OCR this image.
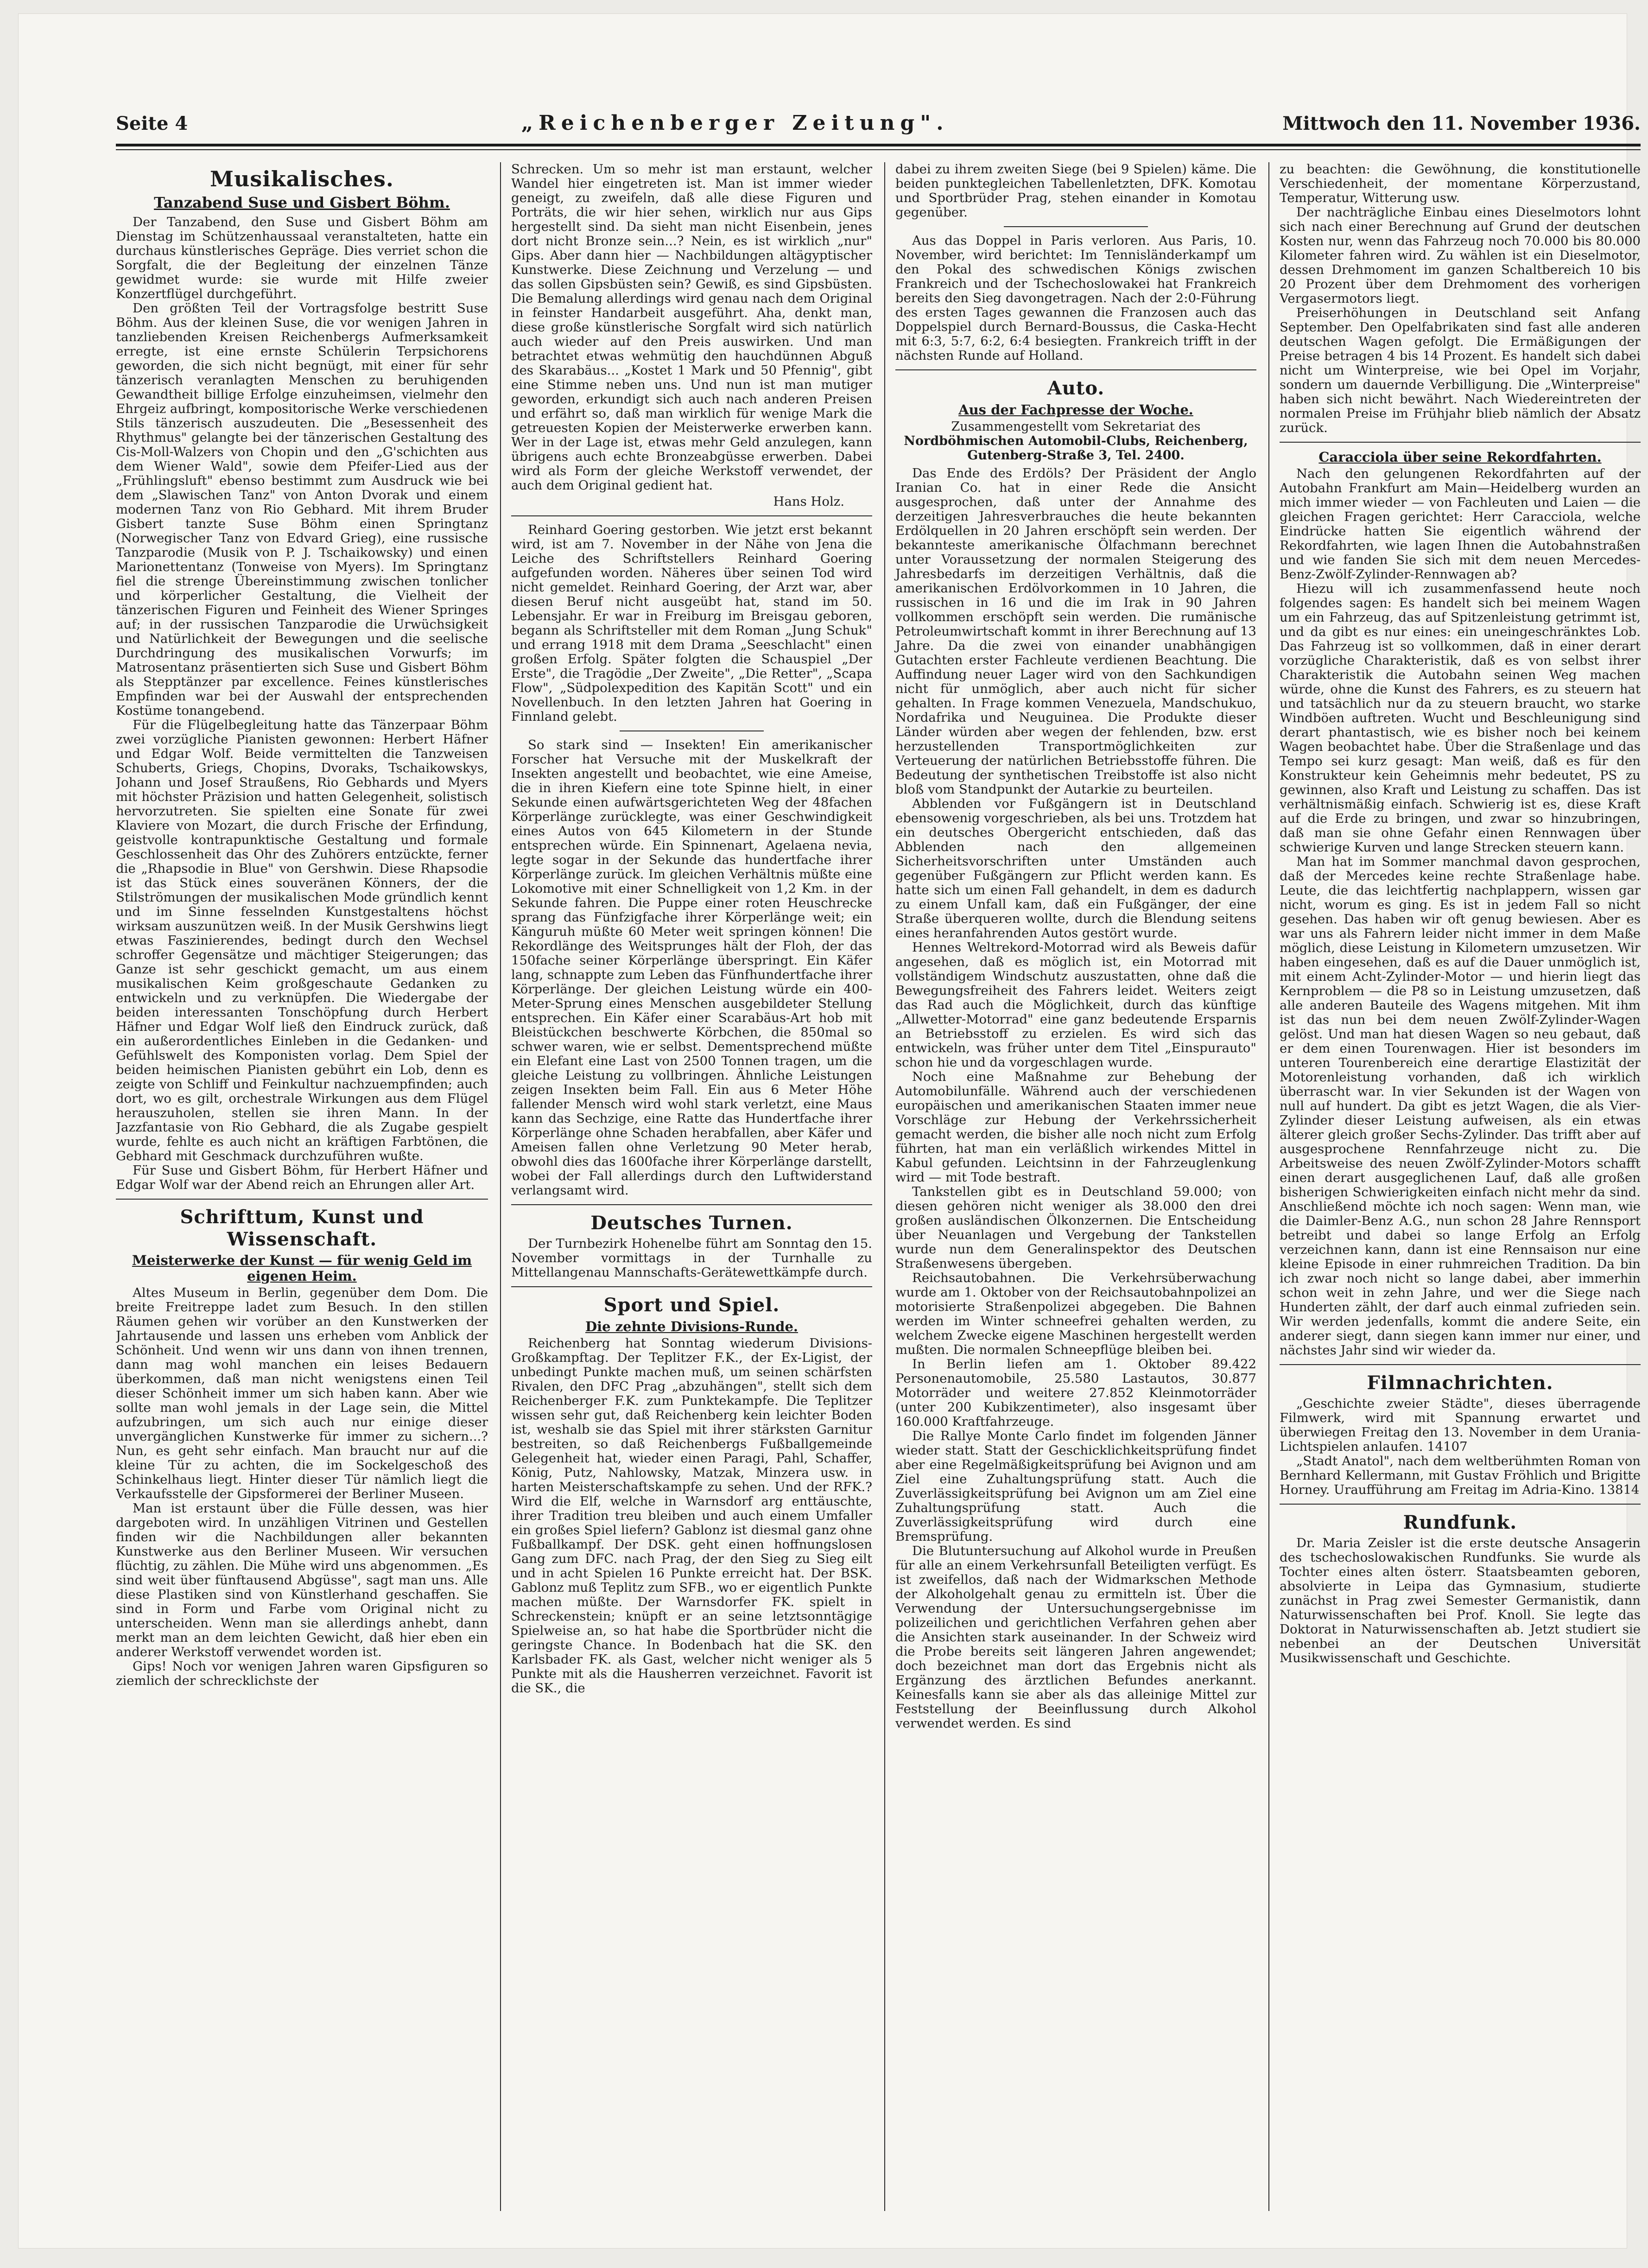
Seite 4	„Reichenberger Zeitung".	Mittwoch den 11. November 1936.
Musikalisches.
Tanzabend Suse und Gisbert Böhm.

Der Tanzabend, den Suse und Gisbert Böhm am Dienstag im Schützenhaussaal veranstalteten, hatte ein durchaus künstlerisches Gepräge. Dies verriet schon die Sorgfalt, die der Begleitung der einzelnen Tänze gewidmet wurde: sie wurde mit Hilfe zweier Konzertflügel durchgeführt.

Den größten Teil der Vortragsfolge bestritt Suse Böhm. Aus der kleinen Suse, die vor wenigen Jahren in tanzliebenden Kreisen Reichenbergs Aufmerksamkeit erregte, ist eine ernste Schülerin Terpsichorens geworden, die sich nicht begnügt, mit einer für sehr tänzerisch veranlagten Menschen zu beruhigenden Gewandtheit billige Erfolge einzuheimsen, vielmehr den Ehrgeiz aufbringt, kompositorische Werke verschiedenen Stils tänzerisch auszudeuten. Die „Besessenheit des Rhythmus" gelangte bei der tänzerischen Gestaltung des Cis-Moll-Walzers von Chopin und den „G'schichten aus dem Wiener Wald", sowie dem Pfeifer-Lied aus der „Frühlingsluft" ebenso bestimmt zum Ausdruck wie bei dem „Slawischen Tanz" von Anton Dvorak und einem modernen Tanz von Rio Gebhard. Mit ihrem Bruder Gisbert tanzte Suse Böhm einen Springtanz (Norwegischer Tanz von Edvard Grieg), eine russische Tanzparodie (Musik von P. J. Tschaikowsky) und einen Marionettentanz (Tonweise von Myers). Im Springtanz fiel die strenge Übereinstimmung zwischen tonlicher und körperlicher Gestaltung, die Vielheit der tänzerischen Figuren und Feinheit des Wiener Springes auf; in der russischen Tanzparodie die Urwüchsigkeit und Natürlichkeit der Bewegungen und die seelische Durchdringung des musikalischen Vorwurfs; im Matrosentanz präsentierten sich Suse und Gisbert Böhm als Stepptänzer par excellence. Feines künstlerisches Empfinden war bei der Auswahl der entsprechenden Kostüme tonangebend.

Für die Flügelbegleitung hatte das Tänzerpaar Böhm zwei vorzügliche Pianisten gewonnen: Herbert Häfner und Edgar Wolf. Beide vermittelten die Tanzweisen Schuberts, Griegs, Chopins, Dvoraks, Tschaikowskys, Johann und Josef Straußens, Rio Gebhards und Myers mit höchster Präzision und hatten Gelegenheit, solistisch hervorzutreten. Sie spielten eine Sonate für zwei Klaviere von Mozart, die durch Frische der Erfindung, geistvolle kontrapunktische Gestaltung und formale Geschlossenheit das Ohr des Zuhörers entzückte, ferner die „Rhapsodie in Blue" von Gershwin. Diese Rhapsodie ist das Stück eines souveränen Könners, der die Stilströmungen der musikalischen Mode gründlich kennt und im Sinne fesselnden Kunstgestaltens höchst wirksam auszunützen weiß. In der Musik Gershwins liegt etwas Faszinierendes, bedingt durch den Wechsel schroffer Gegensätze und mächtiger Steigerungen; das Ganze ist sehr geschickt gemacht, um aus einem musikalischen Keim großgeschaute Gedanken zu entwickeln und zu verknüpfen. Die Wiedergabe der beiden interessanten Tonschöpfung durch Herbert Häfner und Edgar Wolf ließ den Eindruck zurück, daß ein außerordentliches Einleben in die Gedanken- und Gefühlswelt des Komponisten vorlag. Dem Spiel der beiden heimischen Pianisten gebührt ein Lob, denn es zeigte von Schliff und Feinkultur nachzuempfinden; auch dort, wo es gilt, orchestrale Wirkungen aus dem Flügel herauszuholen, stellen sie ihren Mann. In der Jazzfantasie von Rio Gebhard, die als Zugabe gespielt wurde, fehlte es auch nicht an kräftigen Farbtönen, die Gebhard mit Geschmack durchzuführen wußte.

Für Suse und Gisbert Böhm, für Herbert Häfner und Edgar Wolf war der Abend reich an Ehrungen aller Art.

Schrifttum, Kunst und Wissenschaft.
Meisterwerke der Kunst — für wenig Geld im eigenen Heim.

Altes Museum in Berlin, gegenüber dem Dom. Die breite Freitreppe ladet zum Besuch. In den stillen Räumen gehen wir vorüber an den Kunstwerken der Jahrtausende und lassen uns erheben vom Anblick der Schönheit. Und wenn wir uns dann von ihnen trennen, dann mag wohl manchen ein leises Bedauern überkommen, daß man nicht wenigstens einen Teil dieser Schönheit immer um sich haben kann. Aber wie sollte man wohl jemals in der Lage sein, die Mittel aufzubringen, um sich auch nur einige dieser unvergänglichen Kunstwerke für immer zu sichern...? Nun, es geht sehr einfach. Man braucht nur auf die kleine Tür zu achten, die im Sockelgeschoß des Schinkelhaus liegt. Hinter dieser Tür nämlich liegt die Verkaufsstelle der Gipsformerei der Berliner Museen.

Man ist erstaunt über die Fülle dessen, was hier dargeboten wird. In unzähligen Vitrinen und Gestellen finden wir die Nachbildungen aller bekannten Kunstwerke aus den Berliner Museen. Wir versuchen flüchtig, zu zählen. Die Mühe wird uns abgenommen. „Es sind weit über fünftausend Abgüsse", sagt man uns. Alle diese Plastiken sind von Künstlerhand geschaffen. Sie sind in Form und Farbe vom Original nicht zu unterscheiden. Wenn man sie allerdings anhebt, dann merkt man an dem leichten Gewicht, daß hier eben ein anderer Werkstoff verwendet worden ist.

Gips! Noch vor wenigen Jahren waren Gipsfiguren so ziemlich der schrecklichste der

Schrecken. Um so mehr ist man erstaunt, welcher Wandel hier eingetreten ist. Man ist immer wieder geneigt, zu zweifeln, daß alle diese Figuren und Porträts, die wir hier sehen, wirklich nur aus Gips hergestellt sind. Da sieht man nicht Eisenbein, jenes dort nicht Bronze sein...? Nein, es ist wirklich „nur" Gips. Aber dann hier — Nachbildungen altägyptischer Kunstwerke. Diese Zeichnung und Verzelung — und das sollen Gipsbüsten sein? Gewiß, es sind Gipsbüsten. Die Bemalung allerdings wird genau nach dem Original in feinster Handarbeit ausgeführt. Aha, denkt man, diese große künstlerische Sorgfalt wird sich natürlich auch wieder auf den Preis auswirken. Und man betrachtet etwas wehmütig den hauchdünnen Abguß des Skarabäus... „Kostet 1 Mark und 50 Pfennig", gibt eine Stimme neben uns. Und nun ist man mutiger geworden, erkundigt sich auch nach anderen Preisen und erfährt so, daß man wirklich für wenige Mark die getreuesten Kopien der Meisterwerke erwerben kann. Wer in der Lage ist, etwas mehr Geld anzulegen, kann übrigens auch echte Bronzeabgüsse erwerben. Dabei wird als Form der gleiche Werkstoff verwendet, der auch dem Original gedient hat.

Hans Holz.

Reinhard Goering gestorben. Wie jetzt erst bekannt wird, ist am 7. November in der Nähe von Jena die Leiche des Schriftstellers Reinhard Goering aufgefunden worden. Näheres über seinen Tod wird nicht gemeldet. Reinhard Goering, der Arzt war, aber diesen Beruf nicht ausgeübt hat, stand im 50. Lebensjahr. Er war in Freiburg im Breisgau geboren, begann als Schriftsteller mit dem Roman „Jung Schuk" und errang 1918 mit dem Drama „Seeschlacht" einen großen Erfolg. Später folgten die Schauspiel „Der Erste", die Tragödie „Der Zweite", „Die Retter", „Scapa Flow", „Südpolexpedition des Kapitän Scott" und ein Novellenbuch. In den letzten Jahren hat Goering in Finnland gelebt.

So stark sind — Insekten! Ein amerikanischer Forscher hat Versuche mit der Muskelkraft der Insekten angestellt und beobachtet, wie eine Ameise, die in ihren Kiefern eine tote Spinne hielt, in einer Sekunde einen aufwärtsgerichteten Weg der 48fachen Körperlänge zurücklegte, was einer Geschwindigkeit eines Autos von 645 Kilometern in der Stunde entsprechen würde. Ein Spinnenart, Agelaena nevia, legte sogar in der Sekunde das hundertfache ihrer Körperlänge zurück. Im gleichen Verhältnis müßte eine Lokomotive mit einer Schnelligkeit von 1,2 Km. in der Sekunde fahren. Die Puppe einer roten Heuschrecke sprang das Fünfzigfache ihrer Körperlänge weit; ein Känguruh müßte 60 Meter weit springen können! Die Rekordlänge des Weitsprunges hält der Floh, der das 150fache seiner Körperlänge überspringt. Ein Käfer lang, schnappte zum Leben das Fünfhundertfache ihrer Körperlänge. Der gleichen Leistung würde ein 400-Meter-Sprung eines Menschen ausgebildeter Stellung entsprechen. Ein Käfer einer Scarabäus-Art hob mit Bleistückchen beschwerte Körbchen, die 850mal so schwer waren, wie er selbst. Dementsprechend müßte ein Elefant eine Last von 2500 Tonnen tragen, um die gleiche Leistung zu vollbringen. Ähnliche Leistungen zeigen Insekten beim Fall. Ein aus 6 Meter Höhe fallender Mensch wird wohl stark verletzt, eine Maus kann das Sechzige, eine Ratte das Hundertfache ihrer Körperlänge ohne Schaden herabfallen, aber Käfer und Ameisen fallen ohne Verletzung 90 Meter herab, obwohl dies das 1600fache ihrer Körperlänge darstellt, wobei der Fall allerdings durch den Luftwiderstand verlangsamt wird.

Deutsches Turnen.

Der Turnbezirk Hohenelbe führt am Sonntag den 15. November vormittags in der Turnhalle zu Mittellangenau Mannschafts-Gerätewettkämpfe durch.

Sport und Spiel.
Die zehnte Divisions-Runde.

Reichenberg hat Sonntag wiederum Divisions-Großkampftag. Der Teplitzer F.K., der Ex-Ligist, der unbedingt Punkte machen muß, um seinen schärfsten Rivalen, den DFC Prag „abzuhängen", stellt sich dem Reichenberger F.K. zum Punktekampfe. Die Teplitzer wissen sehr gut, daß Reichenberg kein leichter Boden ist, weshalb sie das Spiel mit ihrer stärksten Garnitur bestreiten, so daß Reichenbergs Fußballgemeinde Gelegenheit hat, wieder einen Paragi, Pahl, Schaffer, König, Putz, Nahlowsky, Matzak, Minzera usw. in harten Meisterschaftskampfe zu sehen. Und der RFK.? Wird die Elf, welche in Warnsdorf arg enttäuschte, ihrer Tradition treu bleiben und auch einem Umfaller ein großes Spiel liefern? Gablonz ist diesmal ganz ohne Fußballkampf. Der DSK. geht einen hoffnungslosen Gang zum DFC. nach Prag, der den Sieg zu Sieg eilt und in acht Spielen 16 Punkte erreicht hat. Der BSK. Gablonz muß Teplitz zum SFB., wo er eigentlich Punkte machen müßte. Der Warnsdorfer FK. spielt in Schreckenstein; knüpft er an seine letztsonntägige Spielweise an, so hat habe die Sportbrüder nicht die geringste Chance. In Bodenbach hat die SK. den Karlsbader FK. als Gast, welcher nicht weniger als 5 Punkte mit als die Hausherren verzeichnet. Favorit ist die SK., die

dabei zu ihrem zweiten Siege (bei 9 Spielen) käme. Die beiden punktegleichen Tabellenletzten, DFK. Komotau und Sportbrüder Prag, stehen einander in Komotau gegenüber.

Aus das Doppel in Paris verloren. Aus Paris, 10. November, wird berichtet: Im Tennisländerkampf um den Pokal des schwedischen Königs zwischen Frankreich und der Tschechoslowakei hat Frankreich bereits den Sieg davongetragen. Nach der 2:0-Führung des ersten Tages gewannen die Franzosen auch das Doppelspiel durch Bernard-Boussus, die Caska-Hecht mit 6:3, 5:7, 6:2, 6:4 besiegten. Frankreich trifft in der nächsten Runde auf Holland.

Auto.
Aus der Fachpresse der Woche.
Zusammengestellt vom Sekretariat des
Nordböhmischen Automobil-Clubs, Reichenberg,
Gutenberg-Straße 3, Tel. 2400.

Das Ende des Erdöls? Der Präsident der Anglo Iranian Co. hat in einer Rede die Ansicht ausgesprochen, daß unter der Annahme des derzeitigen Jahresverbrauches die heute bekannten Erdölquellen in 20 Jahren erschöpft sein werden. Der bekannteste amerikanische Ölfachmann berechnet unter Voraussetzung der normalen Steigerung des Jahresbedarfs im derzeitigen Verhältnis, daß die amerikanischen Erdölvorkommen in 10 Jahren, die russischen in 16 und die im Irak in 90 Jahren vollkommen erschöpft sein werden. Die rumänische Petroleumwirtschaft kommt in ihrer Berechnung auf 13 Jahre. Da die zwei von einander unabhängigen Gutachten erster Fachleute verdienen Beachtung. Die Auffindung neuer Lager wird von den Sachkundigen nicht für unmöglich, aber auch nicht für sicher gehalten. In Frage kommen Venezuela, Mandschukuo, Nordafrika und Neuguinea. Die Produkte dieser Länder würden aber wegen der fehlenden, bzw. erst herzustellenden Transportmöglichkeiten zur Verteuerung der natürlichen Betriebsstoffe führen. Die Bedeutung der synthetischen Treibstoffe ist also nicht bloß vom Standpunkt der Autarkie zu beurteilen.

Abblenden vor Fußgängern ist in Deutschland ebensowenig vorgeschrieben, als bei uns. Trotzdem hat ein deutsches Obergericht entschieden, daß das Abblenden nach den allgemeinen Sicherheitsvorschriften unter Umständen auch gegenüber Fußgängern zur Pflicht werden kann. Es hatte sich um einen Fall gehandelt, in dem es dadurch zu einem Unfall kam, daß ein Fußgänger, der eine Straße überqueren wollte, durch die Blendung seitens eines heranfahrenden Autos gestört wurde.

Hennes Weltrekord-Motorrad wird als Beweis dafür angesehen, daß es möglich ist, ein Motorrad mit vollständigem Windschutz auszustatten, ohne daß die Bewegungsfreiheit des Fahrers leidet. Weiters zeigt das Rad auch die Möglichkeit, durch das künftige „Allwetter-Motorrad" eine ganz bedeutende Ersparnis an Betriebsstoff zu erzielen. Es wird sich das entwickeln, was früher unter dem Titel „Einspurauto" schon hie und da vorgeschlagen wurde.

Noch eine Maßnahme zur Behebung der Automobilunfälle. Während auch der verschiedenen europäischen und amerikanischen Staaten immer neue Vorschläge zur Hebung der Verkehrssicherheit gemacht werden, die bisher alle noch nicht zum Erfolg führten, hat man ein verläßlich wirkendes Mittel in Kabul gefunden. Leichtsinn in der Fahrzeuglenkung wird — mit Tode bestraft.

Tankstellen gibt es in Deutschland 59.000; von diesen gehören nicht weniger als 38.000 den drei großen ausländischen Ölkonzernen. Die Entscheidung über Neuanlagen und Vergebung der Tankstellen wurde nun dem Generalinspektor des Deutschen Straßenwesens übergeben.

Reichsautobahnen. Die Verkehrsüberwachung wurde am 1. Oktober von der Reichsautobahnpolizei an motorisierte Straßenpolizei abgegeben. Die Bahnen werden im Winter schneefrei gehalten werden, zu welchem Zwecke eigene Maschinen hergestellt werden mußten. Die normalen Schneepflüge bleiben bei.

In Berlin liefen am 1. Oktober 89.422 Personenautomobile, 25.580 Lastautos, 30.877 Motorräder und weitere 27.852 Kleinmotorräder (unter 200 Kubikzentimeter), also insgesamt über 160.000 Kraftfahrzeuge.

Die Rallye Monte Carlo findet im folgenden Jänner wieder statt. Statt der Geschicklichkeitsprüfung findet aber eine Regelmäßigkeitsprüfung bei Avignon und am Ziel eine Zuhaltungsprüfung statt. Auch die Zuverlässigkeitsprüfung bei Avignon um am Ziel eine Zuhaltungsprüfung statt. Auch die Zuverlässigkeitsprüfung wird durch eine Bremsprüfung.

Die Blutuntersuchung auf Alkohol wurde in Preußen für alle an einem Verkehrsunfall Beteiligten verfügt. Es ist zweifellos, daß nach der Widmarkschen Methode der Alkoholgehalt genau zu ermitteln ist. Über die Verwendung der Untersuchungsergebnisse im polizeilichen und gerichtlichen Verfahren gehen aber die Ansichten stark auseinander. In der Schweiz wird die Probe bereits seit längeren Jahren angewendet; doch bezeichnet man dort das Ergebnis nicht als Ergänzung des ärztlichen Befundes anerkannt. Keinesfalls kann sie aber als das alleinige Mittel zur Feststellung der Beeinflussung durch Alkohol verwendet werden. Es sind

zu beachten: die Gewöhnung, die konstitutionelle Verschiedenheit, der momentane Körperzustand, Temperatur, Witterung usw.

Der nachträgliche Einbau eines Dieselmotors lohnt sich nach einer Berechnung auf Grund der deutschen Kosten nur, wenn das Fahrzeug noch 70.000 bis 80.000 Kilometer fahren wird. Zu wählen ist ein Dieselmotor, dessen Drehmoment im ganzen Schaltbereich 10 bis 20 Prozent über dem Drehmoment des vorherigen Vergasermotors liegt.

Preiserhöhungen in Deutschland seit Anfang September. Den Opelfabrikaten sind fast alle anderen deutschen Wagen gefolgt. Die Ermäßigungen der Preise betragen 4 bis 14 Prozent. Es handelt sich dabei nicht um Winterpreise, wie bei Opel im Vorjahr, sondern um dauernde Verbilligung. Die „Winterpreise" haben sich nicht bewährt. Nach Wiedereintreten der normalen Preise im Frühjahr blieb nämlich der Absatz zurück.

Caracciola über seine Rekordfahrten.

Nach den gelungenen Rekordfahrten auf der Autobahn Frankfurt am Main—Heidelberg wurden an mich immer wieder — von Fachleuten und Laien — die gleichen Fragen gerichtet: Herr Caracciola, welche Eindrücke hatten Sie eigentlich während der Rekordfahrten, wie lagen Ihnen die Autobahnstraßen und wie fanden Sie sich mit dem neuen Mercedes-Benz-Zwölf-Zylinder-Rennwagen ab?

Hiezu will ich zusammenfassend heute noch folgendes sagen: Es handelt sich bei meinem Wagen um ein Fahrzeug, das auf Spitzenleistung getrimmt ist, und da gibt es nur eines: ein uneingeschränktes Lob. Das Fahrzeug ist so vollkommen, daß in einer derart vorzügliche Charakteristik, daß es von selbst ihrer Charakteristik die Autobahn seinen Weg machen würde, ohne die Kunst des Fahrers, es zu steuern hat und tatsächlich nur da zu steuern braucht, wo starke Windböen auftreten. Wucht und Beschleunigung sind derart phantastisch, wie es bisher noch bei keinem Wagen beobachtet habe. Über die Straßenlage und das Tempo sei kurz gesagt: Man weiß, daß es für den Konstrukteur kein Geheimnis mehr bedeutet, PS zu gewinnen, also Kraft und Leistung zu schaffen. Das ist verhältnismäßig einfach. Schwierig ist es, diese Kraft auf die Erde zu bringen, und zwar so hinzubringen, daß man sie ohne Gefahr einen Rennwagen über schwierige Kurven und lange Strecken steuern kann.

Man hat im Sommer manchmal davon gesprochen, daß der Mercedes keine rechte Straßenlage habe. Leute, die das leichtfertig nachplappern, wissen gar nicht, worum es ging. Es ist in jedem Fall so nicht gesehen. Das haben wir oft genug bewiesen. Aber es war uns als Fahrern leider nicht immer in dem Maße möglich, diese Leistung in Kilometern umzusetzen. Wir haben eingesehen, daß es auf die Dauer unmöglich ist, mit einem Acht-Zylinder-Motor — und hierin liegt das Kernproblem — die P8 so in Leistung umzusetzen, daß alle anderen Bauteile des Wagens mitgehen. Mit ihm ist das nun bei dem neuen Zwölf-Zylinder-Wagen gelöst. Und man hat diesen Wagen so neu gebaut, daß er dem einen Tourenwagen. Hier ist besonders im unteren Tourenbereich eine derartige Elastizität der Motorenleistung vorhanden, daß ich wirklich überrascht war. In vier Sekunden ist der Wagen von null auf hundert. Da gibt es jetzt Wagen, die als Vier-Zylinder dieser Leistung aufweisen, als ein etwas älterer gleich großer Sechs-Zylinder. Das trifft aber auf ausgesprochene Rennfahrzeuge nicht zu. Die Arbeitsweise des neuen Zwölf-Zylinder-Motors schafft einen derart ausgeglichenen Lauf, daß alle großen bisherigen Schwierigkeiten einfach nicht mehr da sind. Anschließend möchte ich noch sagen: Wenn man, wie die Daimler-Benz A.G., nun schon 28 Jahre Rennsport betreibt und dabei so lange Erfolg an Erfolg verzeichnen kann, dann ist eine Rennsaison nur eine kleine Episode in einer ruhmreichen Tradition. Da bin ich zwar noch nicht so lange dabei, aber immerhin schon weit in zehn Jahre, und wer die Siege nach Hunderten zählt, der darf auch einmal zufrieden sein. Wir werden jedenfalls, kommt die andere Seite, ein anderer siegt, dann siegen kann immer nur einer, und nächstes Jahr sind wir wieder da.

Filmnachrichten.

„Geschichte zweier Städte", dieses überragende Filmwerk, wird mit Spannung erwartet und überwiegen Freitag den 13. November in dem Urania-Lichtspielen anlaufen. 14107

„Stadt Anatol", nach dem weltberühmten Roman von Bernhard Kellermann, mit Gustav Fröhlich und Brigitte Horney. Uraufführung am Freitag im Adria-Kino. 13814

Rundfunk.

Dr. Maria Zeisler ist die erste deutsche Ansagerin des tschechoslowakischen Rundfunks. Sie wurde als Tochter eines alten österr. Staatsbeamten geboren, absolvierte in Leipa das Gymnasium, studierte zunächst in Prag zwei Semester Germanistik, dann Naturwissenschaften bei Prof. Knoll. Sie legte das Doktorat in Naturwissenschaften ab. Jetzt studiert sie nebenbei an der Deutschen Universität Musikwissenschaft und Geschichte.
